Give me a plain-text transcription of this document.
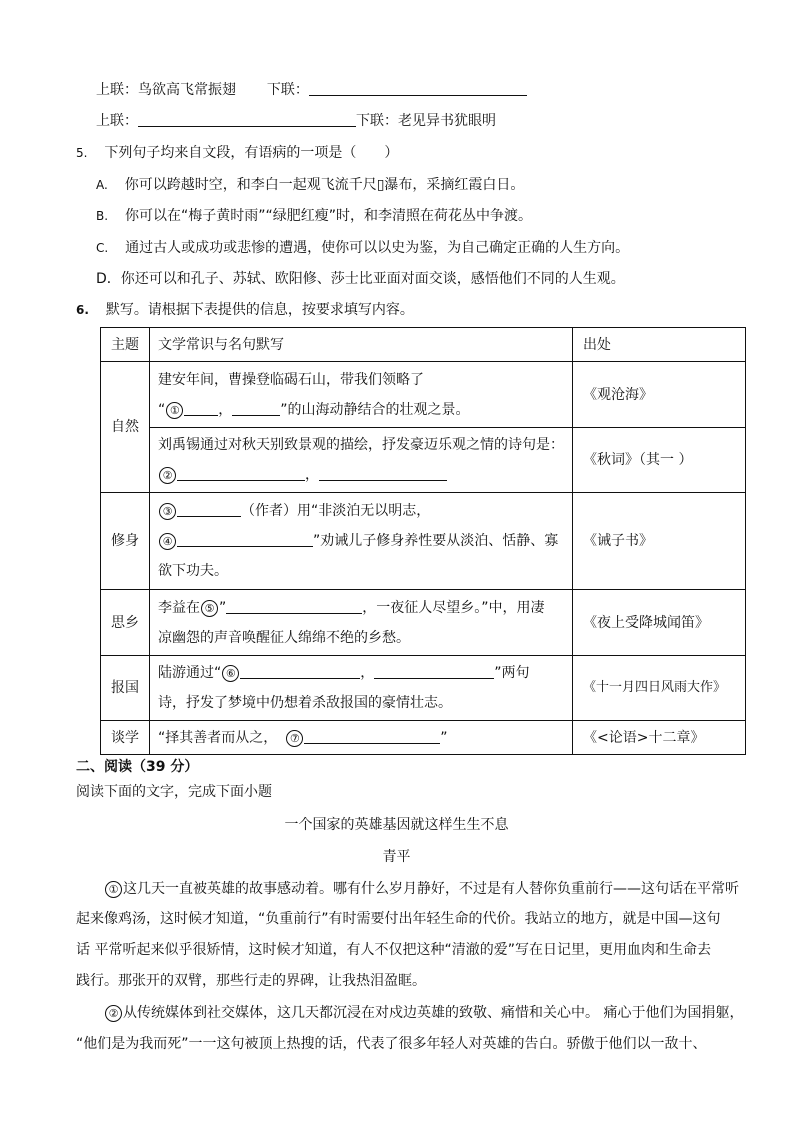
上联：鸟欲高飞常振翅 下联：
上联：	下联：老见异书犹眼明
5. 下列句子均来自文段，有语病的一项是（　　）
A. 你可以跨越时空，和李白一起观飞流千尺▯瀑布，采摘红霞白日。
B. 你可以在“梅子黄时雨”“绿肥红瘦”时，和李清照在荷花丛中争渡。
C. 通过古人或成功或悲惨的遭遇，使你可以以史为鉴，为自己确定正确的人生方向。
D．你还可以和孔子、苏轼、欧阳修、莎士比亚面对面交谈，感悟他们不同的人生观。
6. 默写。请根据下表提供的信息，按要求填写内容。
主题	文学常识与名句默写	出处
自然	建安年间，曹操登临碣石山，带我们领略了
“ ① ， ”的山海动静结合的壮观之景。	《观沧海》

	刘禹锡通过对秋天别致景观的描绘，抒发豪迈乐观之情的诗句是：
② ，	《秋词》（其一 ）
修身	③ （作者）用“非淡泊无以明志，
④ ”劝诫儿子修身养性要从淡泊、恬静、寡
欲下功夫。	《诫子书》
思乡	李益在 ⑤ ” ，一夜征人尽望乡。”中，用凄
凉幽怨的声音唤醒征人绵绵不绝的乡愁。	《夜上受降城闻笛》
报国	陆游通过“ ⑥ ， ”两句
诗，抒发了梦境中仍想着杀敌报国的豪情壮志。	《十一月四日风雨大作》
谈学	“择其善者而从之， ⑦ ”	《<论语>十二章》
二、阅读（39 分）
阅读下面的文字，完成下面小题
一个国家的英雄基因就这样生生不息
青平
① 这几天一直被英雄的故事感动着。哪有什么岁月静好，不过是有人替你负重前行——这句话在平常听
起来像鸡汤，这时候才知道，“负重前行”有时需要付出年轻生命的代价。我站立的地方，就是中国—这句
话 平常听起来似乎很矫情，这时候才知道，有人不仅把这种“清澈的爱”写在日记里，更用血肉和生命去
践行。那张开的双臂，那些行走的界碑，让我热泪盈眶。
② 从传统媒体到社交媒体，这几天都沉浸在对戍边英雄的致敬、痛惜和关心中。 痛心于他们为国捐躯，
“他们是为我而死”一一这句被顶上热搜的话，代表了很多年轻人对英雄的告白。骄傲于他们以一敌十、
